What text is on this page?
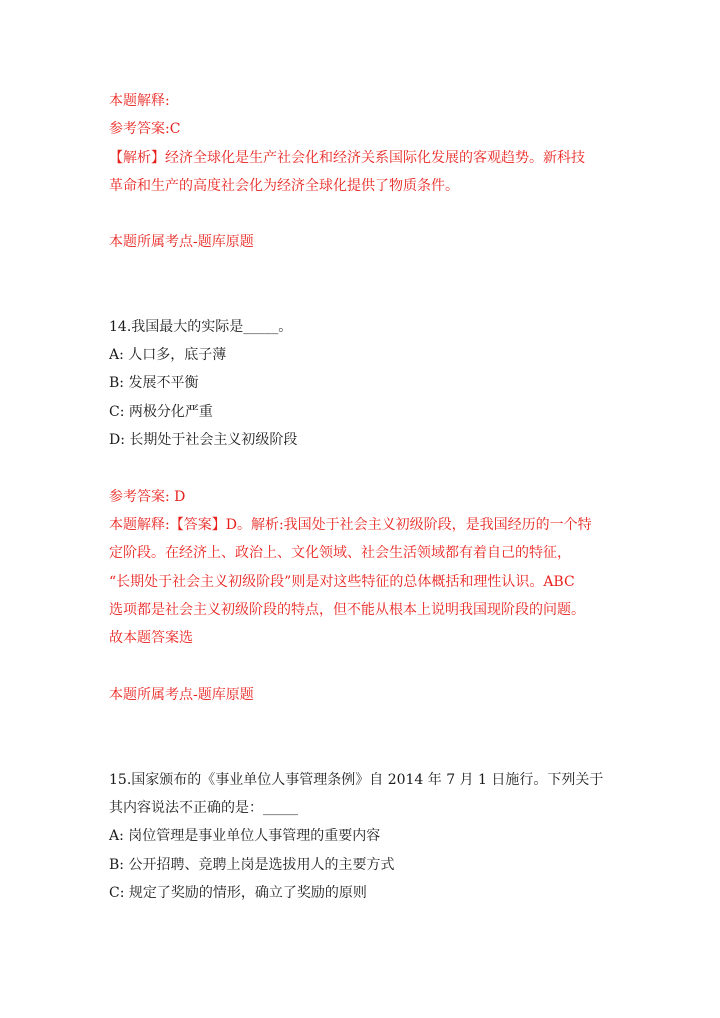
本题解释:
参考答案:C
【解析】经济全球化是生产社会化和经济关系国际化发展的客观趋势。新科技
革命和生产的高度社会化为经济全球化提供了物质条件。
本题所属考点-题库原题
14.我国最大的实际是_____。
A: 人口多，底子薄
B: 发展不平衡
C: 两极分化严重
D: 长期处于社会主义初级阶段
参考答案: D
本题解释:【答案】D。解析:我国处于社会主义初级阶段，是我国经历的一个特
定阶段。在经济上、政治上、文化领域、社会生活领域都有着自己的特征，
“长期处于社会主义初级阶段”则是对这些特征的总体概括和理性认识。ABC
选项都是社会主义初级阶段的特点，但不能从根本上说明我国现阶段的问题。
故本题答案选
本题所属考点-题库原题
15.国家颁布的《事业单位人事管理条例》自 2014 年 7 月 1 日施行。下列关于
其内容说法不正确的是：_____
A: 岗位管理是事业单位人事管理的重要内容
B: 公开招聘、竞聘上岗是选拔用人的主要方式
C: 规定了奖励的情形，确立了奖励的原则
